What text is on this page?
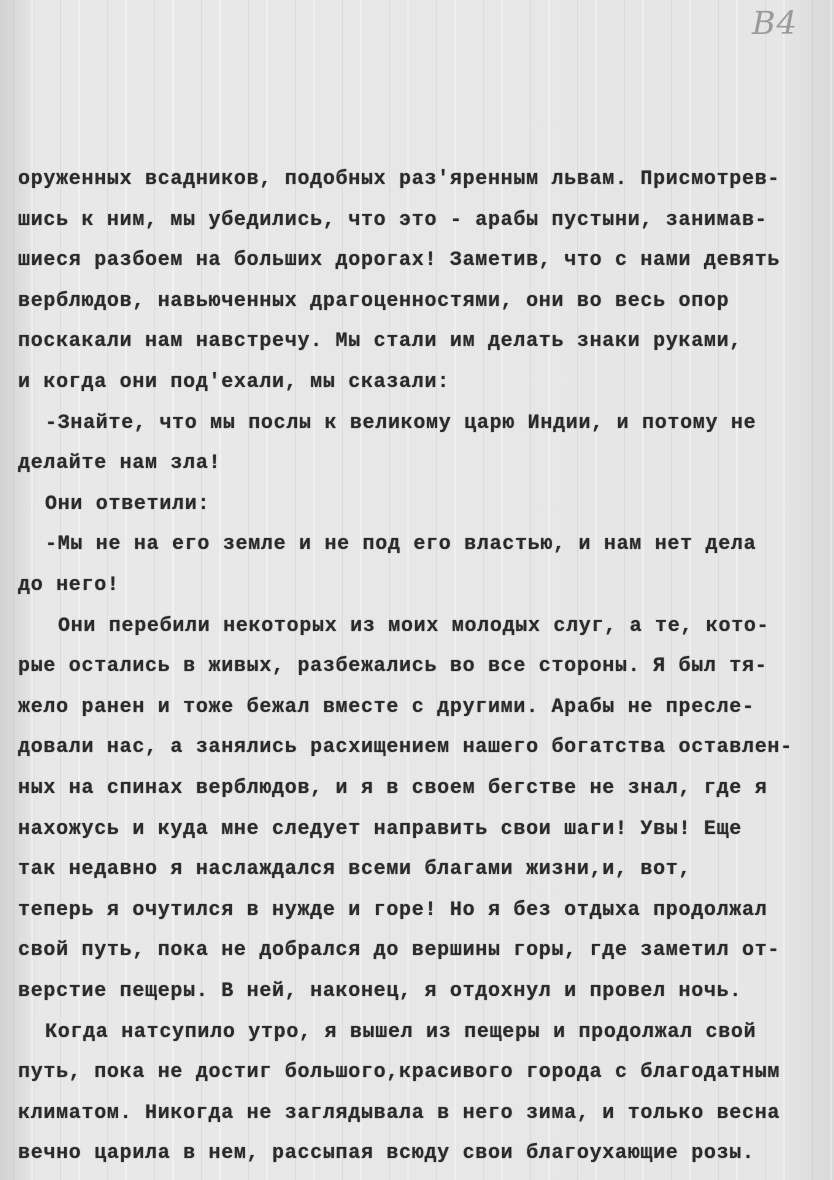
В4
оруженных всадников, подобных раз'яренным львам. Присмотрев-
шись к ним, мы убедились, что это - арабы пустыни, занимав-
шиеся разбоем на больших дорогах! Заметив, что с нами девять
верблюдов, навьюченных драгоценностями, они во весь опор
поскакали нам навстречу. Мы стали им делать знаки руками,
и когда они под'ехали, мы сказали:
-Знайте, что мы послы к великому царю Индии, и потому не
делайте нам зла!
Они ответили:
-Мы не на его земле и не под его властью, и нам нет дела
до него!
Они перебили некоторых из моих молодых слуг, а те, кото-
рые остались в живых, разбежались во все стороны. Я был тя-
жело ранен и тоже бежал вместе с другими. Арабы не пресле-
довали нас, а занялись расхищением нашего богатства оставлен-
ных на спинах верблюдов, и я в своем бегстве не знал, где я
нахожусь и куда мне следует направить свои шаги! Увы! Еще
так недавно я наслаждался всеми благами жизни,и, вот,
теперь я очутился в нужде и горе! Но я без отдыха продолжал
свой путь, пока не добрался до вершины горы, где заметил от-
верстие пещеры. В ней, наконец, я отдохнул и провел ночь.
Когда натсупило утро, я вышел из пещеры и продолжал свой
путь, пока не достиг большого,красивого города с благодатным
климатом. Никогда не заглядывала в него зима, и только весна
вечно царила в нем, рассыпая всюду свои благоухающие розы.
